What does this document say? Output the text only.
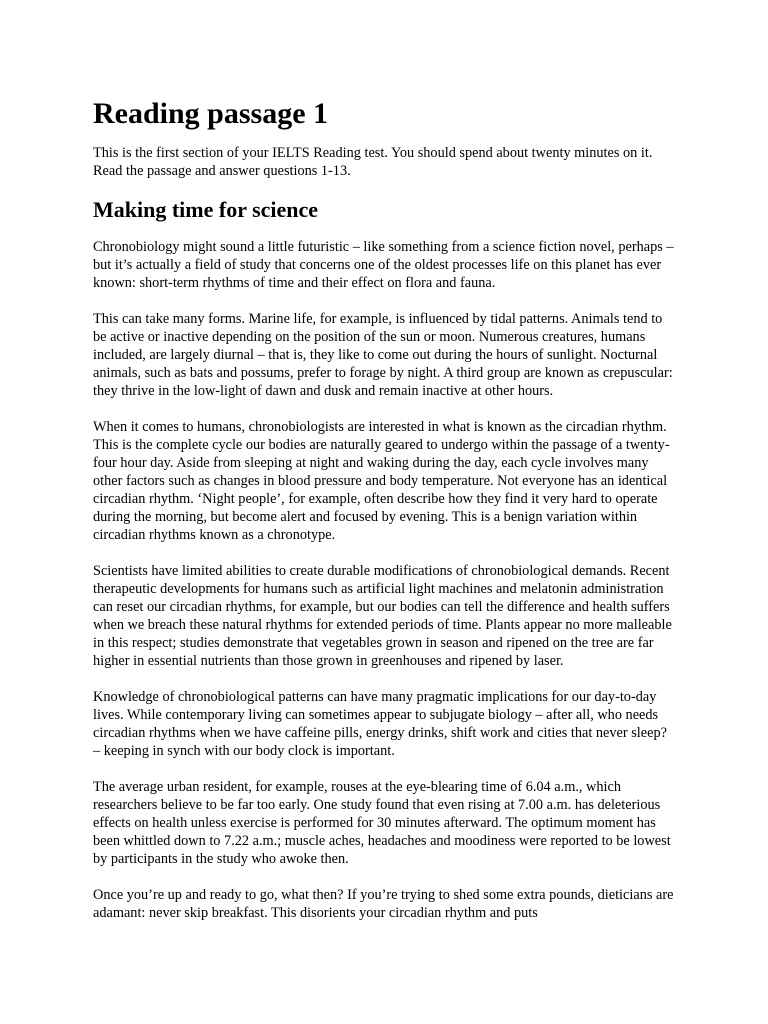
Reading passage 1

This is the first section of your IELTS Reading test. You should spend about twenty minutes on it. Read the passage and answer questions 1-13.

Making time for science

Chronobiology might sound a little futuristic – like something from a science fiction novel, perhaps – but it’s actually a field of study that concerns one of the oldest processes life on this planet has ever known: short-term rhythms of time and their effect on flora and fauna.

This can take many forms. Marine life, for example, is influenced by tidal patterns. Animals tend to be active or inactive depending on the position of the sun or moon. Numerous creatures, humans included, are largely diurnal – that is, they like to come out during the hours of sunlight. Nocturnal animals, such as bats and possums, prefer to forage by night. A third group are known as crepuscular: they thrive in the low-light of dawn and dusk and remain inactive at other hours.

When it comes to humans, chronobiologists are interested in what is known as the circadian rhythm. This is the complete cycle our bodies are naturally geared to undergo within the passage of a twenty-four hour day. Aside from sleeping at night and waking during the day, each cycle involves many other factors such as changes in blood pressure and body temperature. Not everyone has an identical circadian rhythm. ‘Night people’, for example, often describe how they find it very hard to operate during the morning, but become alert and focused by evening. This is a benign variation within circadian rhythms known as a chronotype.

Scientists have limited abilities to create durable modifications of chronobiological demands. Recent therapeutic developments for humans such as artificial light machines and melatonin administration can reset our circadian rhythms, for example, but our bodies can tell the difference and health suffers when we breach these natural rhythms for extended periods of time. Plants appear no more malleable in this respect; studies demonstrate that vegetables grown in season and ripened on the tree are far higher in essential nutrients than those grown in greenhouses and ripened by laser.

Knowledge of chronobiological patterns can have many pragmatic implications for our day-to-day lives. While contemporary living can sometimes appear to subjugate biology – after all, who needs circadian rhythms when we have caffeine pills, energy drinks, shift work and cities that never sleep? – keeping in synch with our body clock is important.

The average urban resident, for example, rouses at the eye-blearing time of 6.04 a.m., which researchers believe to be far too early. One study found that even rising at 7.00 a.m. has deleterious effects on health unless exercise is performed for 30 minutes afterward. The optimum moment has been whittled down to 7.22 a.m.; muscle aches, headaches and moodiness were reported to be lowest by participants in the study who awoke then.

Once you’re up and ready to go, what then? If you’re trying to shed some extra pounds, dieticians are adamant: never skip breakfast. This disorients your circadian rhythm and puts
